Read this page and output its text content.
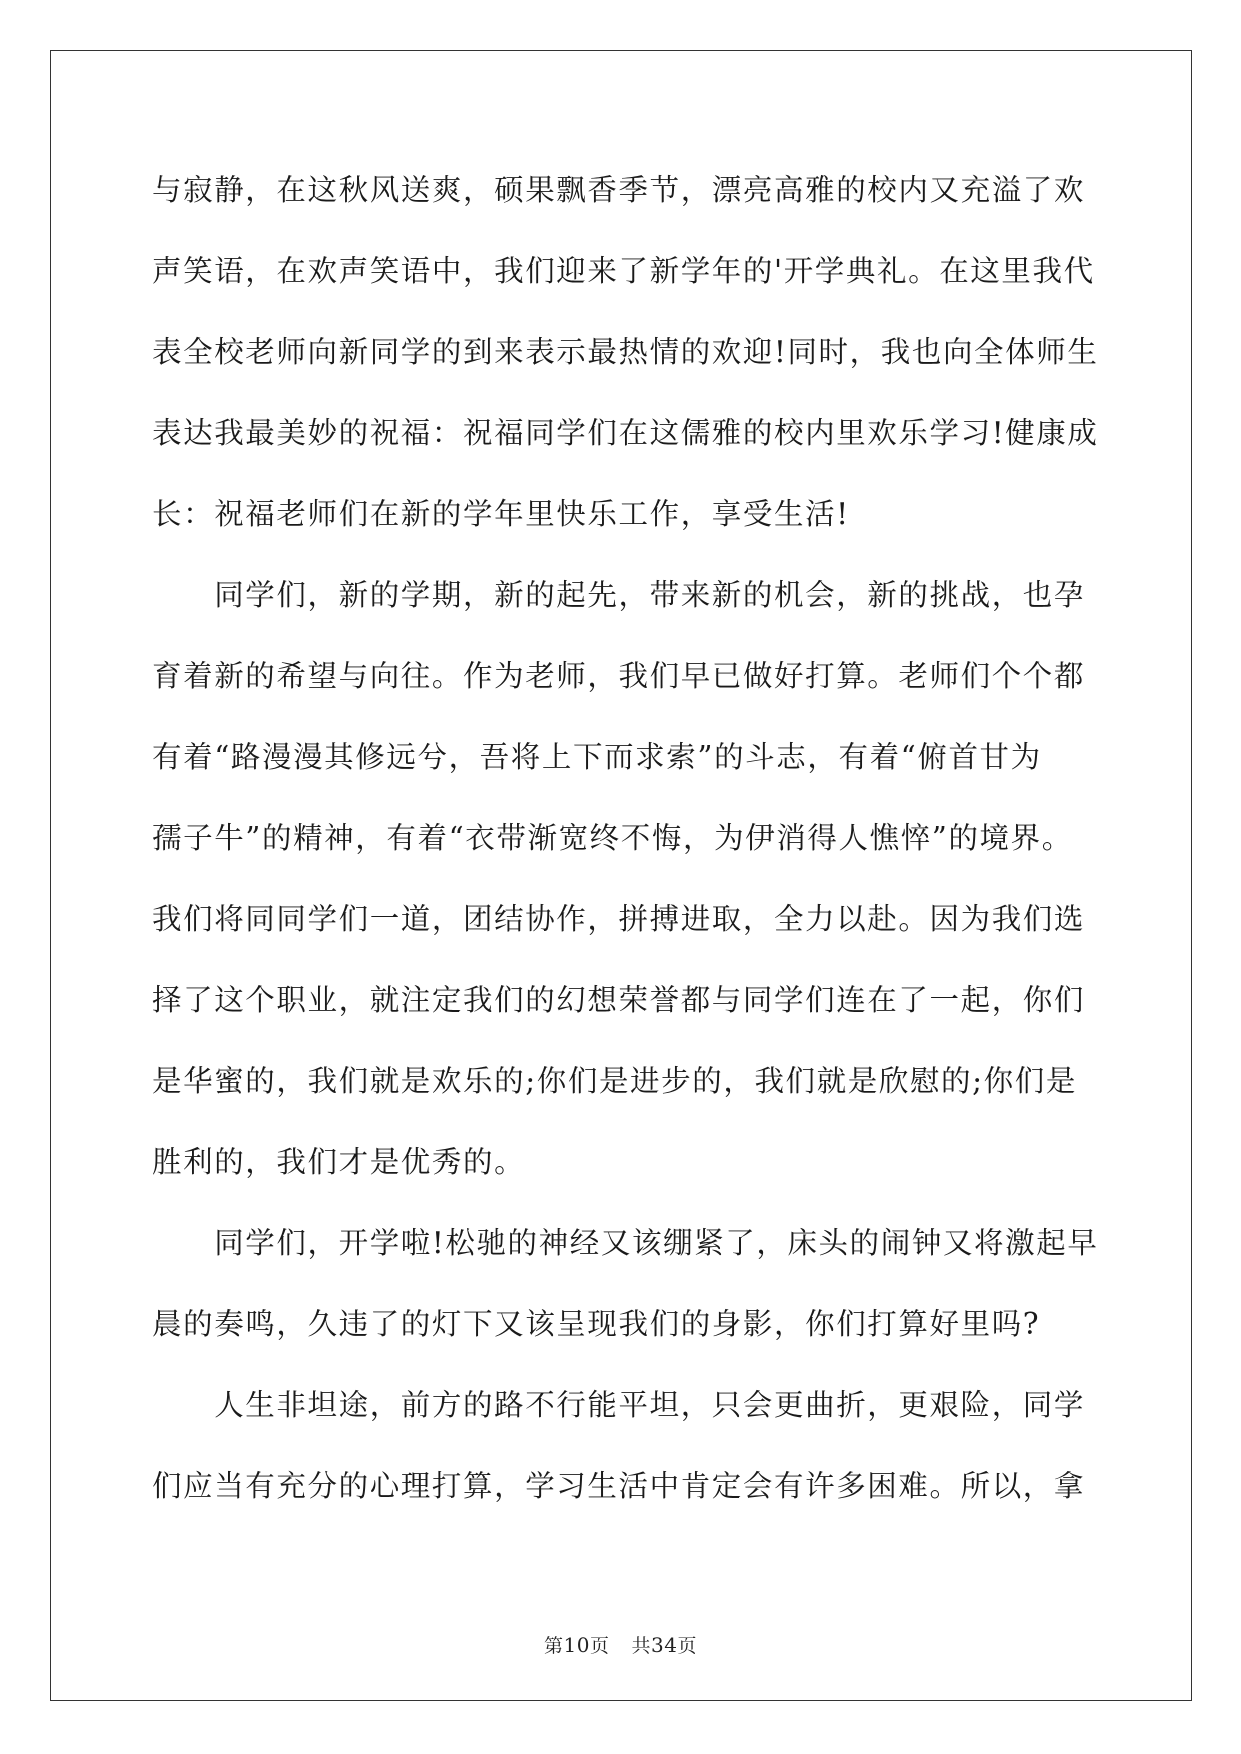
与寂静，在这秋风送爽，硕果飘香季节，漂亮高雅的校内又充溢了欢
声笑语，在欢声笑语中，我们迎来了新学年的'开学典礼。在这里我代
表全校老师向新同学的到来表示最热情的欢迎!同时，我也向全体师生
表达我最美妙的祝福：祝福同学们在这儒雅的校内里欢乐学习!健康成
长：祝福老师们在新的学年里快乐工作，享受生活!
　　同学们，新的学期，新的起先，带来新的机会，新的挑战，也孕
育着新的希望与向往。作为老师，我们早已做好打算。老师们个个都
有着“路漫漫其修远兮，吾将上下而求索”的斗志，有着“俯首甘为
孺子牛”的精神，有着“衣带渐宽终不悔，为伊消得人憔悴”的境界。
我们将同同学们一道，团结协作，拼搏进取，全力以赴。因为我们选
择了这个职业，就注定我们的幻想荣誉都与同学们连在了一起，你们
是华蜜的，我们就是欢乐的;你们是进步的，我们就是欣慰的;你们是
胜利的，我们才是优秀的。
　　同学们，开学啦!松驰的神经又该绷紧了，床头的闹钟又将激起早
晨的奏鸣，久违了的灯下又该呈现我们的身影，你们打算好里吗?
　　人生非坦途，前方的路不行能平坦，只会更曲折，更艰险，同学
们应当有充分的心理打算，学习生活中肯定会有许多困难。所以，拿
第10页 共34页
